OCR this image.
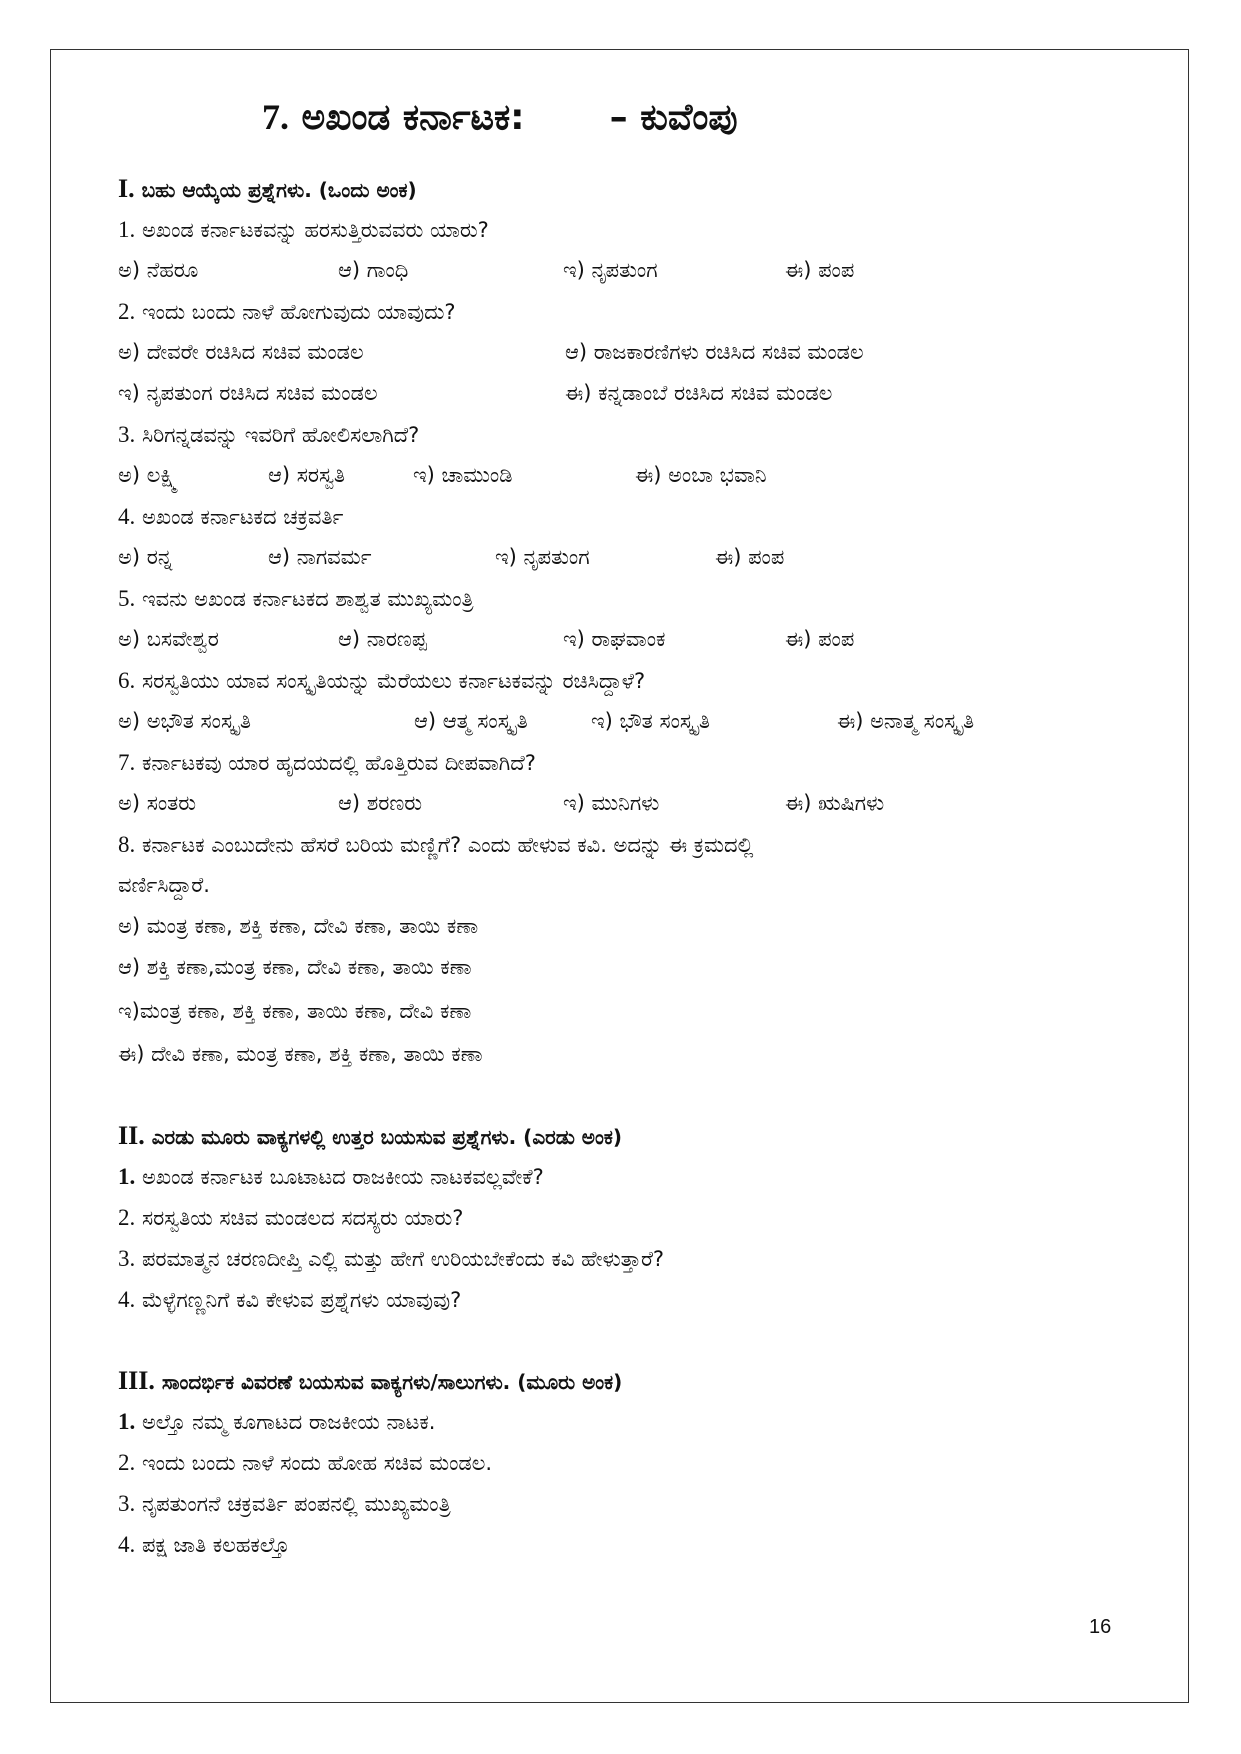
7. ಅಖಂಡ ಕರ್ನಾಟಕ: – ಕುವೆಂಪು
I. ಬಹು ಆಯ್ಕೆಯ ಪ್ರಶ್ನೆಗಳು. (ಒಂದು ಅಂಕ)
1. ಅಖಂಡ ಕರ್ನಾಟಕವನ್ನು ಹರಸುತ್ತಿರುವವರು ಯಾರು?
ಅ) ನೆಹರೂ	ಆ) ಗಾಂಧಿ	ಇ) ನೃಪತುಂಗ	ಈ) ಪಂಪ
2. ಇಂದು ಬಂದು ನಾಳೆ ಹೋಗುವುದು ಯಾವುದು?
ಅ) ದೇವರೇ ರಚಿಸಿದ ಸಚಿವ ಮಂಡಲ	ಆ) ರಾಜಕಾರಣಿಗಳು ರಚಿಸಿದ ಸಚಿವ ಮಂಡಲ
ಇ) ನೃಪತುಂಗ ರಚಿಸಿದ ಸಚಿವ ಮಂಡಲ	ಈ) ಕನ್ನಡಾಂಬೆ ರಚಿಸಿದ ಸಚಿವ ಮಂಡಲ
3. ಸಿರಿಗನ್ನಡವನ್ನು ಇವರಿಗೆ ಹೋಲಿಸಲಾಗಿದೆ?
ಅ) ಲಕ್ಷ್ಮಿ	ಆ) ಸರಸ್ವತಿ	ಇ) ಚಾಮುಂಡಿ	ಈ) ಅಂಬಾ ಭವಾನಿ
4. ಅಖಂಡ ಕರ್ನಾಟಕದ ಚಕ್ರವರ್ತಿ
ಅ) ರನ್ನ	ಆ) ನಾಗವರ್ಮ	ಇ) ನೃಪತುಂಗ	ಈ) ಪಂಪ
5. ಇವನು ಅಖಂಡ ಕರ್ನಾಟಕದ ಶಾಶ್ವತ ಮುಖ್ಯಮಂತ್ರಿ
ಅ) ಬಸವೇಶ್ವರ	ಆ) ನಾರಣಪ್ಪ	ಇ) ರಾಘವಾಂಕ	ಈ) ಪಂಪ
6. ಸರಸ್ವತಿಯು ಯಾವ ಸಂಸ್ಕೃತಿಯನ್ನು ಮೆರೆಯಲು ಕರ್ನಾಟಕವನ್ನು ರಚಿಸಿದ್ದಾಳೆ?
ಅ) ಅಭೌತ ಸಂಸ್ಕೃತಿ	ಆ) ಆತ್ಮ ಸಂಸ್ಕೃತಿ	ಇ) ಭೌತ ಸಂಸ್ಕೃತಿ	ಈ) ಅನಾತ್ಮ ಸಂಸ್ಕೃತಿ
7. ಕರ್ನಾಟಕವು ಯಾರ ಹೃದಯದಲ್ಲಿ ಹೊತ್ತಿರುವ ದೀಪವಾಗಿದೆ?
ಅ) ಸಂತರು	ಆ) ಶರಣರು	ಇ) ಮುನಿಗಳು	ಈ) ಋಷಿಗಳು
8. ಕರ್ನಾಟಕ ಎಂಬುದೇನು ಹೆಸರೆ ಬರಿಯ ಮಣ್ಣಿಗೆ? ಎಂದು ಹೇಳುವ ಕವಿ. ಅದನ್ನು ಈ ಕ್ರಮದಲ್ಲಿ
ವರ್ಣಿಸಿದ್ದಾರೆ.
ಅ) ಮಂತ್ರ ಕಣಾ, ಶಕ್ತಿ ಕಣಾ, ದೇವಿ ಕಣಾ, ತಾಯಿ ಕಣಾ
ಆ) ಶಕ್ತಿ ಕಣಾ,ಮಂತ್ರ ಕಣಾ, ದೇವಿ ಕಣಾ, ತಾಯಿ ಕಣಾ
ಇ)ಮಂತ್ರ ಕಣಾ, ಶಕ್ತಿ ಕಣಾ, ತಾಯಿ ಕಣಾ, ದೇವಿ ಕಣಾ
ಈ) ದೇವಿ ಕಣಾ, ಮಂತ್ರ ಕಣಾ, ಶಕ್ತಿ ಕಣಾ, ತಾಯಿ ಕಣಾ
II. ಎರಡು ಮೂರು ವಾಕ್ಯಗಳಲ್ಲಿ ಉತ್ತರ ಬಯಸುವ ಪ್ರಶ್ನೆಗಳು. (ಎರಡು ಅಂಕ)
1. ಅಖಂಡ ಕರ್ನಾಟಕ ಬೂಟಾಟದ ರಾಜಕೀಯ ನಾಟಕವಲ್ಲವೇಕೆ?
2. ಸರಸ್ವತಿಯ ಸಚಿವ ಮಂಡಲದ ಸದಸ್ಯರು ಯಾರು?
3. ಪರಮಾತ್ಮನ ಚರಣದೀಪ್ತಿ ಎಲ್ಲಿ ಮತ್ತು ಹೇಗೆ ಉರಿಯಬೇಕೆಂದು ಕವಿ ಹೇಳುತ್ತಾರೆ?
4. ಮೆಳ್ಳೆಗಣ್ಣನಿಗೆ ಕವಿ ಕೇಳುವ ಪ್ರಶ್ನೆಗಳು ಯಾವುವು?
III. ಸಾಂದರ್ಭಿಕ ವಿವರಣೆ ಬಯಸುವ ವಾಕ್ಯಗಳು/ಸಾಲುಗಳು. (ಮೂರು ಅಂಕ)
1. ಅಲ್ತೊ ನಮ್ಮ ಕೂಗಾಟದ ರಾಜಕೀಯ ನಾಟಕ.
2. ಇಂದು ಬಂದು ನಾಳೆ ಸಂದು ಹೋಹ ಸಚಿವ ಮಂಡಲ.
3. ನೃಪತುಂಗನೆ ಚಕ್ರವರ್ತಿ ಪಂಪನಲ್ಲಿ ಮುಖ್ಯಮಂತ್ರಿ
4. ಪಕ್ಷ ಜಾತಿ ಕಲಹಕಲ್ತೊ
16
